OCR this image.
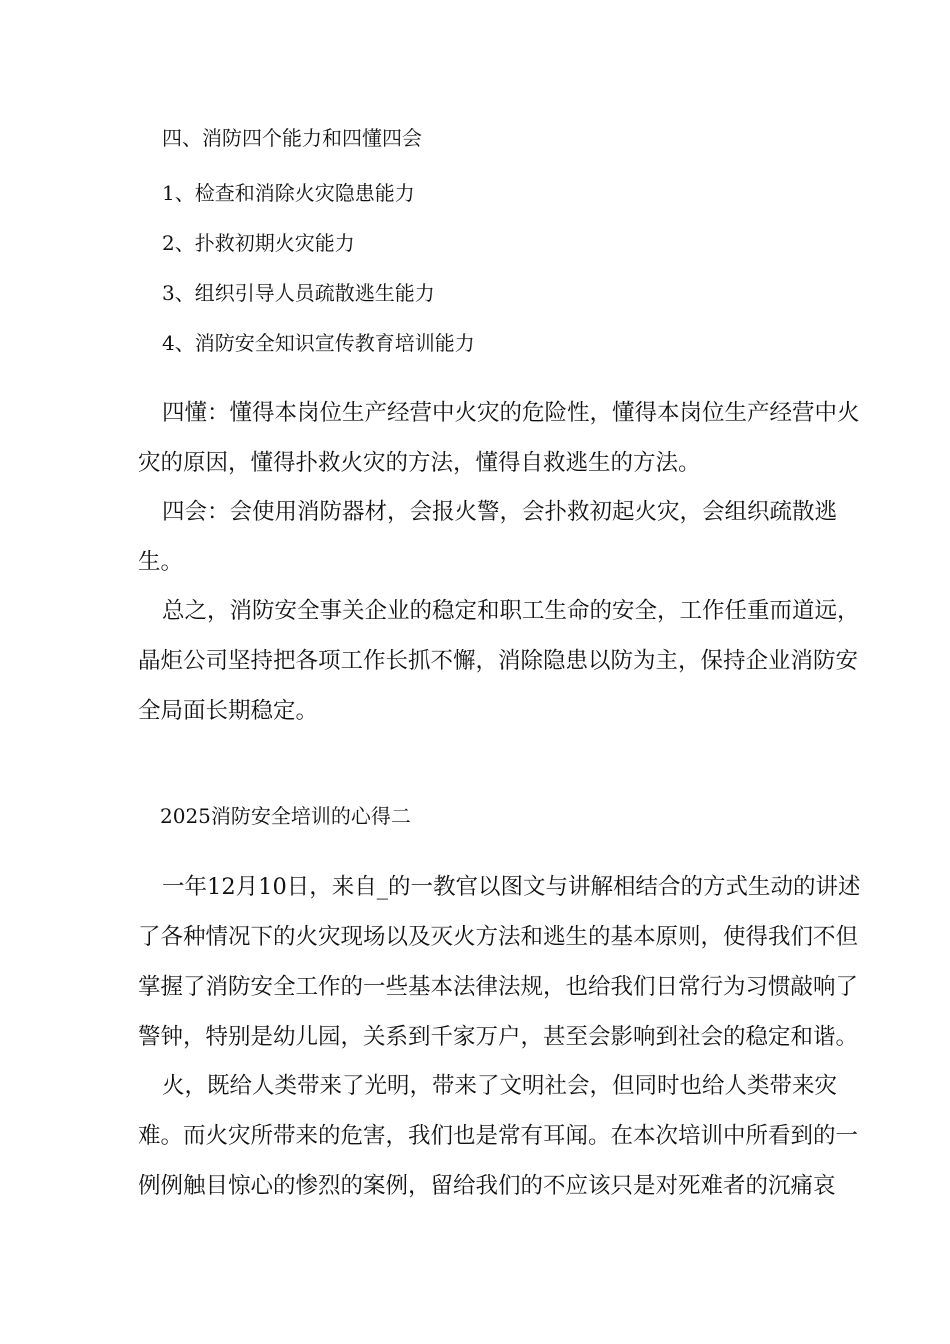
四、消防四个能力和四懂四会
1、检查和消除火灾隐患能力
2、扑救初期火灾能力
3、组织引导人员疏散逃生能力
4、消防安全知识宣传教育培训能力
四懂：懂得本岗位生产经营中火灾的危险性，懂得本岗位生产经营中火
灾的原因，懂得扑救火灾的方法，懂得自救逃生的方法。
四会：会使用消防器材，会报火警，会扑救初起火灾，会组织疏散逃
生。
总之，消防安全事关企业的稳定和职工生命的安全，工作任重而道远，
晶炬公司坚持把各项工作长抓不懈，消除隐患以防为主，保持企业消防安
全局面长期稳定。
2025消防安全培训的心得二
一年12月10日，来自_的一教官以图文与讲解相结合的方式生动的讲述
了各种情况下的火灾现场以及灭火方法和逃生的基本原则，使得我们不但
掌握了消防安全工作的一些基本法律法规，也给我们日常行为习惯敲响了
警钟，特别是幼儿园，关系到千家万户，甚至会影响到社会的稳定和谐。
火，既给人类带来了光明，带来了文明社会，但同时也给人类带来灾
难。而火灾所带来的危害，我们也是常有耳闻。在本次培训中所看到的一
例例触目惊心的惨烈的案例，留给我们的不应该只是对死难者的沉痛哀
